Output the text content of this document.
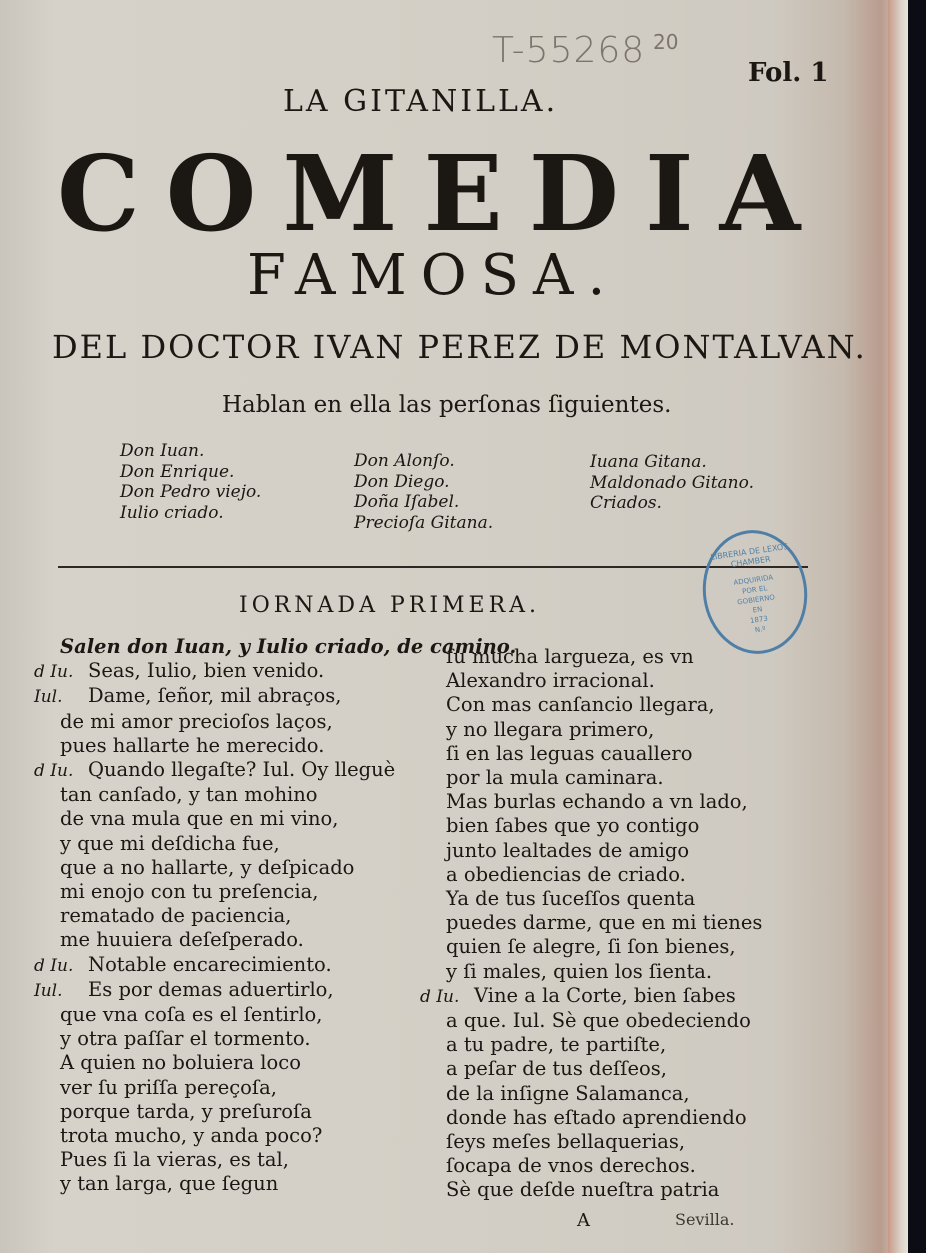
T-55268 20
Fol. 1
LA GITANILLA.
COMEDIA
FAMOSA.
DEL DOCTOR IVAN PEREZ DE MONTALVAN.
Hablan en ella las perſonas ſiguientes.
Don Iuan.
Don Enrique.
Don Pedro viejo.
Iulio criado.
Don Alonſo.
Don Diego.
Doña Iſabel.
Precioſa Gitana.
Iuana Gitana.
Maldonado Gitano.
Criados.
LIBRERIA DE LEXOS CHAMBER
ADQUIRIDA
POR EL
GOBIERNO
EN
1873
N.º
IORNADA PRIMERA.
Salen don Iuan, y Iulio criado, de camino.
d Iu. Seas, Iulio, bien venido.
Iul. Dame, ſeñor, mil abraços,
de mi amor precioſos laços,
pues hallarte he merecido.
d Iu. Quando llegaſte? Iul. Oy lleguè
tan canſado, y tan mohino
de vna mula que en mi vino,
y que mi deſdicha fue,
que a no hallarte, y deſpicado
mi enojo con tu preſencia,
rematado de paciencia,
me huuiera deſeſperado.
d Iu. Notable encarecimiento.
Iul. Es por demas aduertirlo,
que vna coſa es el ſentirlo,
y otra paſſar el tormento.
A quien no boluiera loco
ver ſu priſſa pereçoſa,
porque tarda, y preſuroſa
trota mucho, y anda poco?
Pues ſi la vieras, es tal,
y tan larga, que ſegun
ſu mucha largueza, es vn
Alexandro irracional.
Con mas canſancio llegara,
y no llegara primero,
ſi en las leguas cauallero
por la mula caminara.
Mas burlas echando a vn lado,
bien ſabes que yo contigo
junto lealtades de amigo
a obediencias de criado.
Ya de tus ſuceſſos quenta
puedes darme, que en mi tienes
quien ſe alegre, ſi ſon bienes,
y ſi males, quien los ſienta.
d Iu. Vine a la Corte, bien ſabes
a que. Iul. Sè que obedeciendo
a tu padre, te partiſte,
a peſar de tus deſſeos,
de la inſigne Salamanca,
donde has eſtado aprendiendo
ſeys meſes bellaquerias,
ſocapa de vnos derechos.
Sè que deſde nueſtra patria
A	Sevilla.
